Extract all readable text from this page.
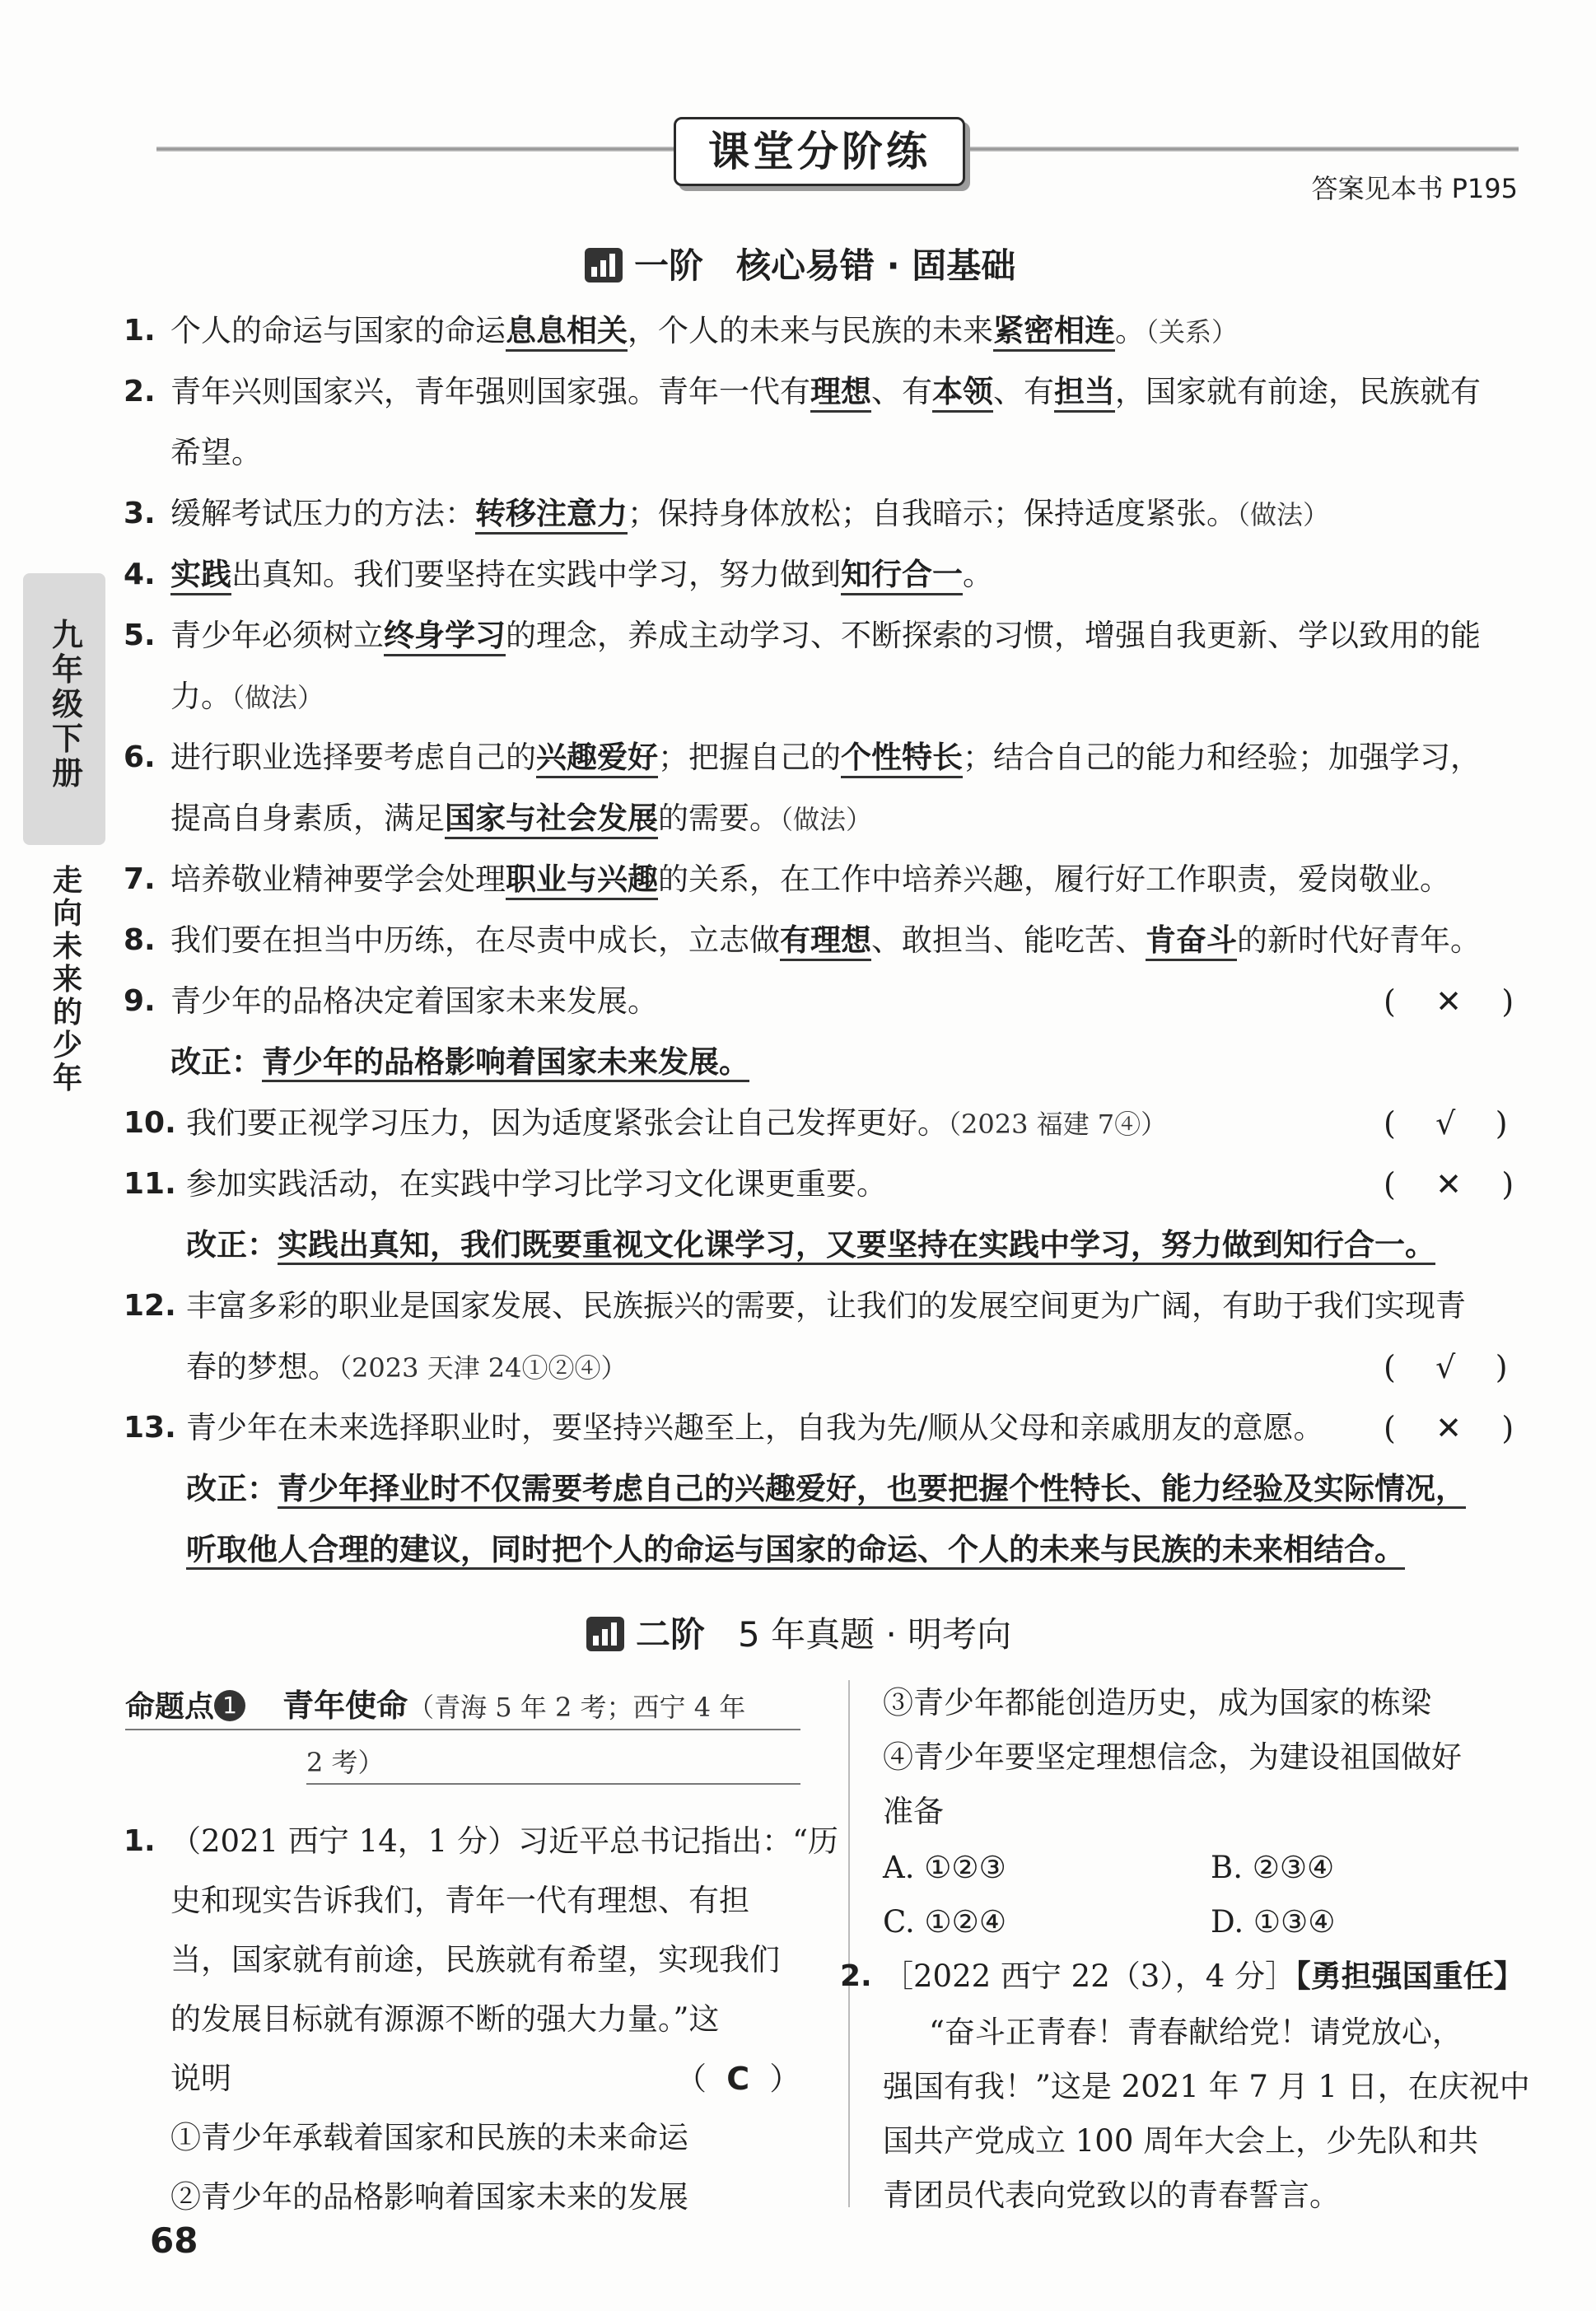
课堂分阶练
答案见本书 P195
九年级下册
走向未来的少年
一阶 核心易错 · 固基础
1. 个人的命运与国家的命运息息相关，个人的未来与民族的未来紧密相连。（关系）
2. 青年兴则国家兴，青年强则国家强。青年一代有理想、有本领、有担当，国家就有前途，民族就有
希望。
3. 缓解考试压力的方法：转移注意力；保持身体放松；自我暗示；保持适度紧张。（做法）
4. 实践出真知。我们要坚持在实践中学习，努力做到知行合一。
5. 青少年必须树立终身学习的理念，养成主动学习、不断探索的习惯，增强自我更新、学以致用的能
力。（做法）
6. 进行职业选择要考虑自己的兴趣爱好；把握自己的个性特长；结合自己的能力和经验；加强学习，
提高自身素质，满足国家与社会发展的需要。（做法）
7. 培养敬业精神要学会处理职业与兴趣的关系，在工作中培养兴趣，履行好工作职责，爱岗敬业。
8. 我们要在担当中历练，在尽责中成长，立志做有理想、敢担当、能吃苦、肯奋斗的新时代好青年。
9. 青少年的品格决定着国家未来发展。	(    ✕    )
改正：青少年的品格影响着国家未来发展。
10. 我们要正视学习压力，因为适度紧张会让自己发挥更好。（2023 福建 7④）	(    √    )
11. 参加实践活动，在实践中学习比学习文化课更重要。	(    ✕    )
改正：实践出真知，我们既要重视文化课学习，又要坚持在实践中学习，努力做到知行合一。
12.
春的梦想。（2023 天津 24①②④）
丰富多彩的职业是国家发展、民族振兴的需要，让我们的发展空间更为广阔，有助于我们实现青
(    √    )
13. 青少年在未来选择职业时，要坚持兴趣至上，自我为先/顺从父母和亲戚朋友的意愿。 (    ✕    )
改正：青少年择业时不仅需要考虑自己的兴趣爱好，也要把握个性特长、能力经验及实际情况，
听取他人合理的建议，同时把个人的命运与国家的命运、个人的未来与民族的未来相结合。
二阶 5 年真题 · 明考向
命题点 1 青年使命（青海 5 年 2 考；西宁 4 年
2 考）
1. （2021 西宁 14，1 分）习近平总书记指出：“历
史和现实告诉我们，青年一代有理想、有担
当，国家就有前途，民族就有希望，实现我们
的发展目标就有源源不断的强大力量。”这
说明	（ C ）
①青少年承载着国家和民族的未来命运
②青少年的品格影响着国家未来的发展
③青少年都能创造历史，成为国家的栋梁
④青少年要坚定理想信念，为建设祖国做好
准备
A. ①②③	B. ②③④
C. ①②④	D. ①③④
2. ［2022 西宁 22（3），4 分］【勇担强国重任】
“奋斗正青春！青春献给党！请党放心，
强国有我！”这是 2021 年 7 月 1 日，在庆祝中
国共产党成立 100 周年大会上，少先队和共
青团员代表向党致以的青春誓言。
68
